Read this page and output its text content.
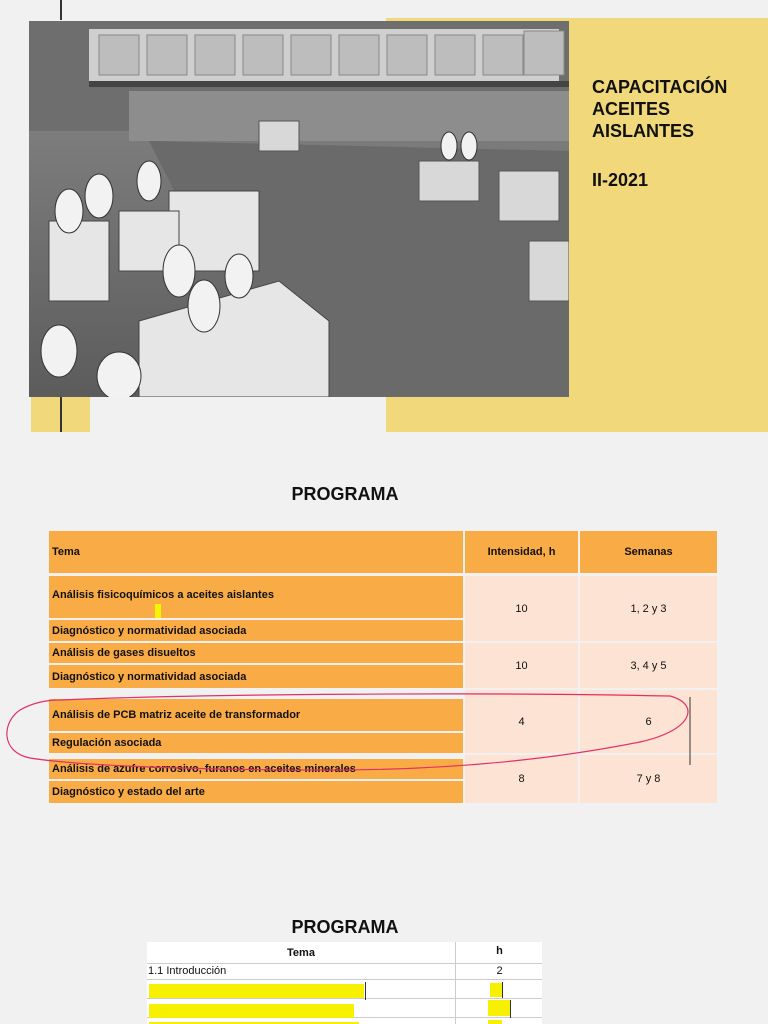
CAPACITACIÓN
ACEITES
AISLANTES
II-2021
PROGRAMA
Tema	Intensidad, h	Semanas
Análisis fisicoquímicos a aceites aislantes
Diagnóstico y normatividad asociada
10	1, 2 y 3
Análisis de gases disueltos
Diagnóstico y normatividad asociada
10	3, 4 y 5
Análisis de PCB matriz aceite de transformador
Regulación asociada
4	6
Análisis de azufre corrosivo, furanos en aceites minerales
Diagnóstico y estado del arte
8	7 y 8
PROGRAMA
Tema	h
1.1 Introducción	2
